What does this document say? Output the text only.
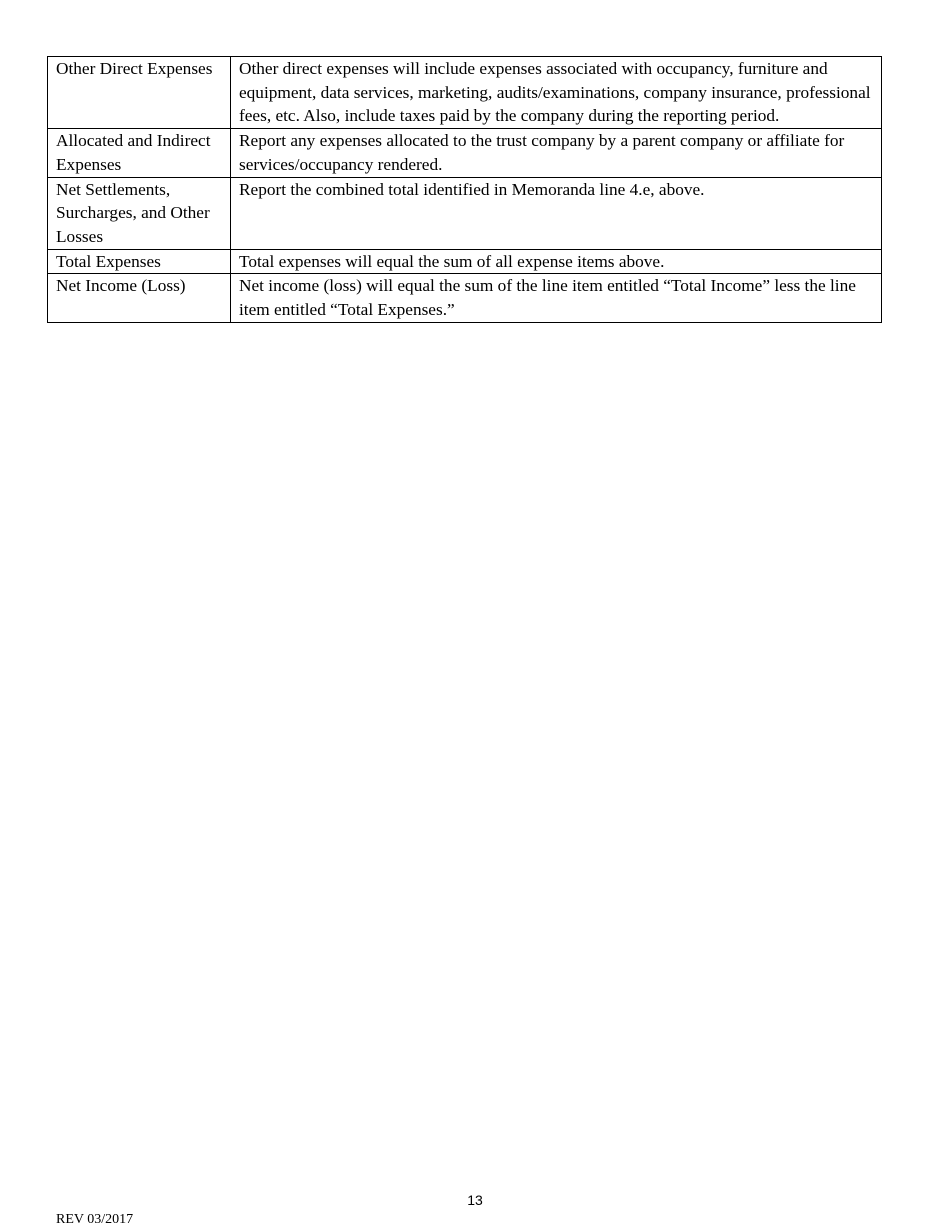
Other Direct Expenses	Other direct expenses will include expenses associated with occupancy, furniture and equipment, data services, marketing, audits/examinations, company insurance, professional fees, etc. Also, include taxes paid by the company during the reporting period.
Allocated and Indirect Expenses	Report any expenses allocated to the trust company by a parent company or affiliate for services/occupancy rendered.
Net Settlements, Surcharges, and Other Losses	Report the combined total identified in Memoranda line 4.e, above.
Total Expenses	Total expenses will equal the sum of all expense items above.
Net Income (Loss)	Net income (loss) will equal the sum of the line item entitled “Total Income” less the line item entitled “Total Expenses.”
13
REV 03/2017
